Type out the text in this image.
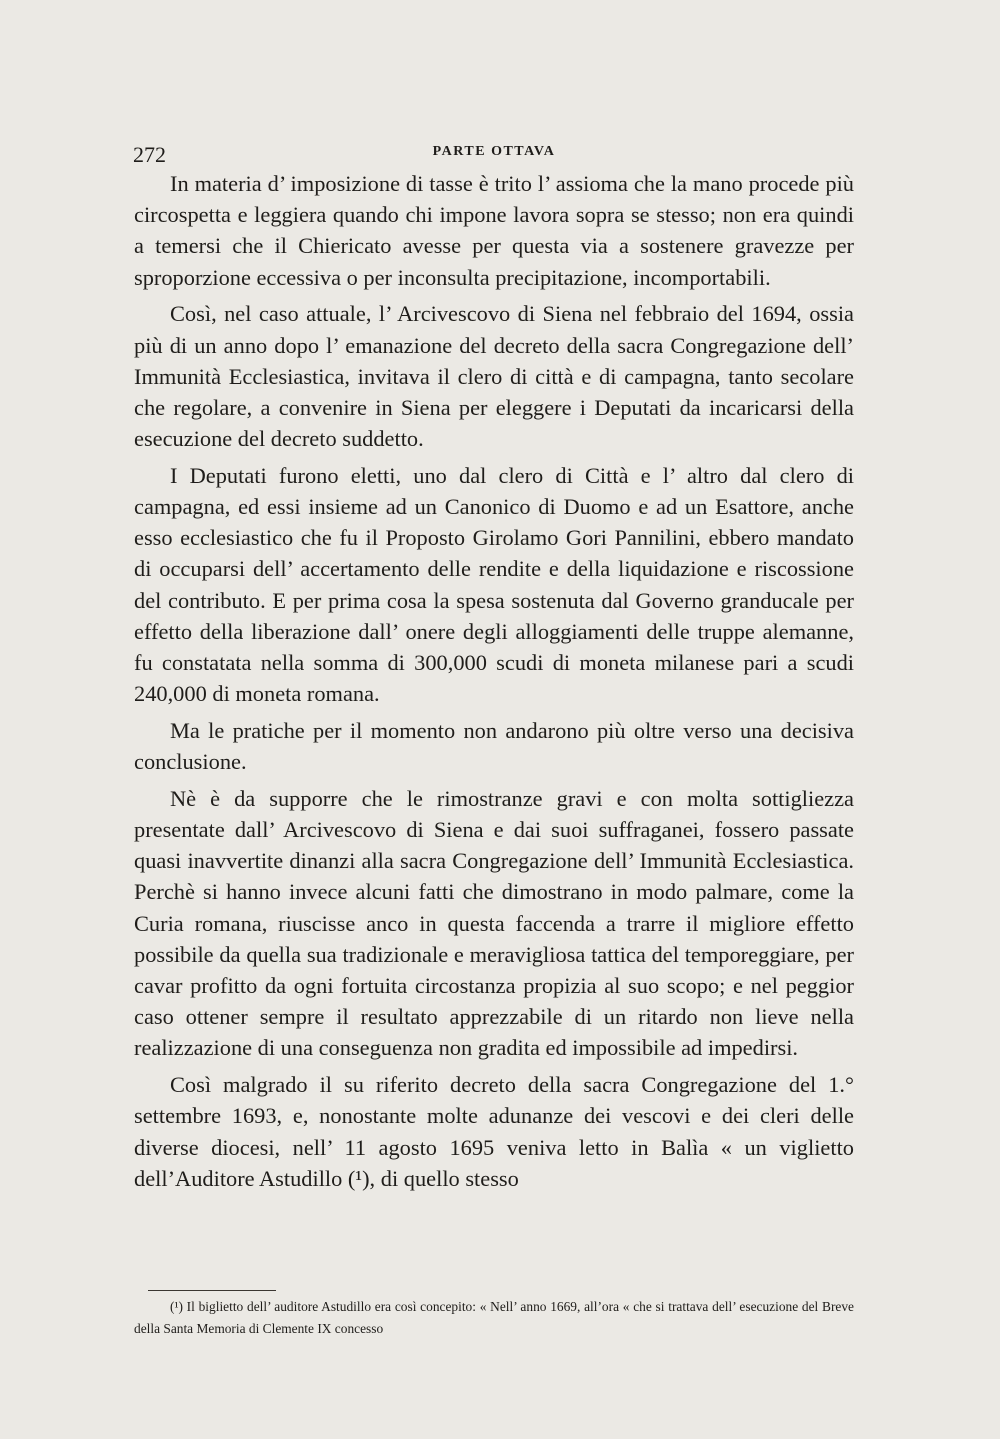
272	PARTE OTTAVA

In materia d’ imposizione di tasse è trito l’ assioma che la mano procede più circospetta e leggiera quando chi impone lavora sopra se stesso; non era quindi a temersi che il Chiericato avesse per questa via a sostenere gravezze per sproporzione eccessiva o per inconsulta precipitazione, incomportabili.

Così, nel caso attuale, l’ Arcivescovo di Siena nel febbraio del 1694, ossia più di un anno dopo l’ emanazione del decreto della sacra Congregazione dell’ Immunità Ecclesiastica, invitava il clero di città e di campagna, tanto secolare che regolare, a convenire in Siena per eleggere i Deputati da incaricarsi della esecuzione del decreto suddetto.

I Deputati furono eletti, uno dal clero di Città e l’ altro dal clero di campagna, ed essi insieme ad un Canonico di Duomo e ad un Esattore, anche esso ecclesiastico che fu il Proposto Girolamo Gori Pannilini, ebbero mandato di occuparsi dell’ accertamento delle rendite e della liquidazione e riscossione del contributo. E per prima cosa la spesa sostenuta dal Governo granducale per effetto della liberazione dall’ onere degli alloggiamenti delle truppe alemanne, fu constatata nella somma di 300,000 scudi di moneta milanese pari a scudi 240,000 di moneta romana.

Ma le pratiche per il momento non andarono più oltre verso una decisiva conclusione.

Nè è da supporre che le rimostranze gravi e con molta sottigliezza presentate dall’ Arcivescovo di Siena e dai suoi suffraganei, fossero passate quasi inavvertite dinanzi alla sacra Congregazione dell’ Immunità Ecclesiastica. Perchè si hanno invece alcuni fatti che dimostrano in modo palmare, come la Curia romana, riuscisse anco in questa faccenda a trarre il migliore effetto possibile da quella sua tradizionale e meravigliosa tattica del temporeggiare, per cavar profitto da ogni fortuita circostanza propizia al suo scopo; e nel peggior caso ottener sempre il resultato apprezzabile di un ritardo non lieve nella realizzazione di una conseguenza non gradita ed impossibile ad impedirsi.

Così malgrado il su riferito decreto della sacra Congregazione del 1.° settembre 1693, e, nonostante molte adunanze dei vescovi e dei cleri delle diverse diocesi, nell’ 11 agosto 1695 veniva letto in Balìa « un viglietto dell’Auditore Astudillo (¹), di quello stesso

(¹) Il biglietto dell’ auditore Astudillo era così concepito: « Nell’ anno 1669, all’ora « che si trattava dell’ esecuzione del Breve della Santa Memoria di Clemente IX concesso
